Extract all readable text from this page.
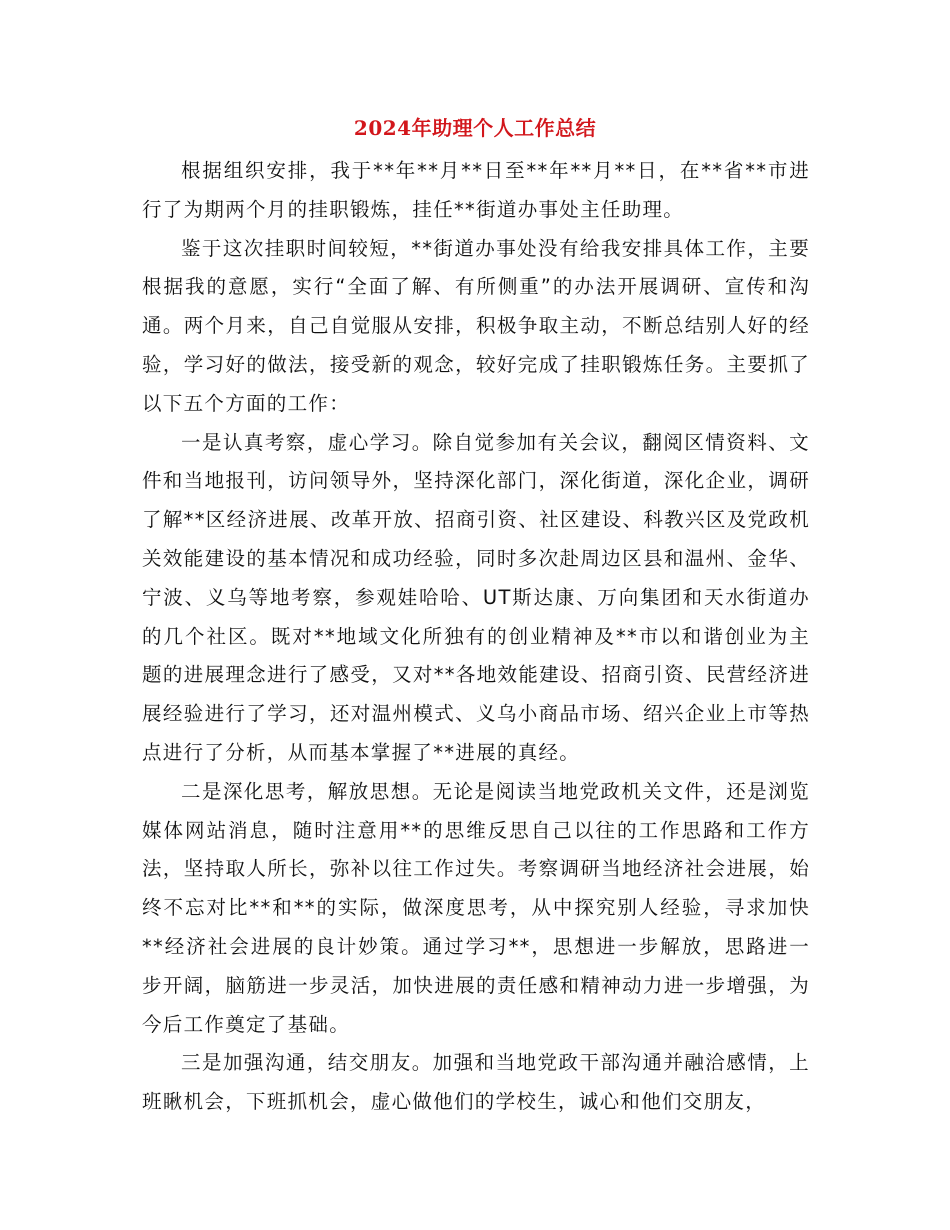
2024年助理个人工作总结

根据组织安排，我于**年**月**日至**年**月**日，在**省**市进行了为期两个月的挂职锻炼，挂任**街道办事处主任助理。

鉴于这次挂职时间较短，**街道办事处没有给我安排具体工作，主要根据我的意愿，实行“全面了解、有所侧重”的办法开展调研、宣传和沟通。两个月来，自己自觉服从安排，积极争取主动，不断总结别人好的经验，学习好的做法，接受新的观念，较好完成了挂职锻炼任务。主要抓了以下五个方面的工作：

一是认真考察，虚心学习。除自觉参加有关会议，翻阅区情资料、文件和当地报刊，访问领导外，坚持深化部门，深化街道，深化企业，调研了解**区经济进展、改革开放、招商引资、社区建设、科教兴区及党政机关效能建设的基本情况和成功经验，同时多次赴周边区县和温州、金华、宁波、义乌等地考察，参观娃哈哈、UT斯达康、万向集团和天水街道办的几个社区。既对**地域文化所独有的创业精神及**市以和谐创业为主题的进展理念进行了感受，又对**各地效能建设、招商引资、民营经济进展经验进行了学习，还对温州模式、义乌小商品市场、绍兴企业上市等热点进行了分析，从而基本掌握了**进展的真经。

二是深化思考，解放思想。无论是阅读当地党政机关文件，还是浏览媒体网站消息，随时注意用**的思维反思自己以往的工作思路和工作方法，坚持取人所长，弥补以往工作过失。考察调研当地经济社会进展，始终不忘对比**和**的实际，做深度思考，从中探究别人经验，寻求加快**经济社会进展的良计妙策。通过学习**，思想进一步解放，思路进一步开阔，脑筋进一步灵活，加快进展的责任感和精神动力进一步增强，为今后工作奠定了基础。

三是加强沟通，结交朋友。加强和当地党政干部沟通并融洽感情，上班瞅机会，下班抓机会，虚心做他们的学校生，诚心和他们交朋友，
